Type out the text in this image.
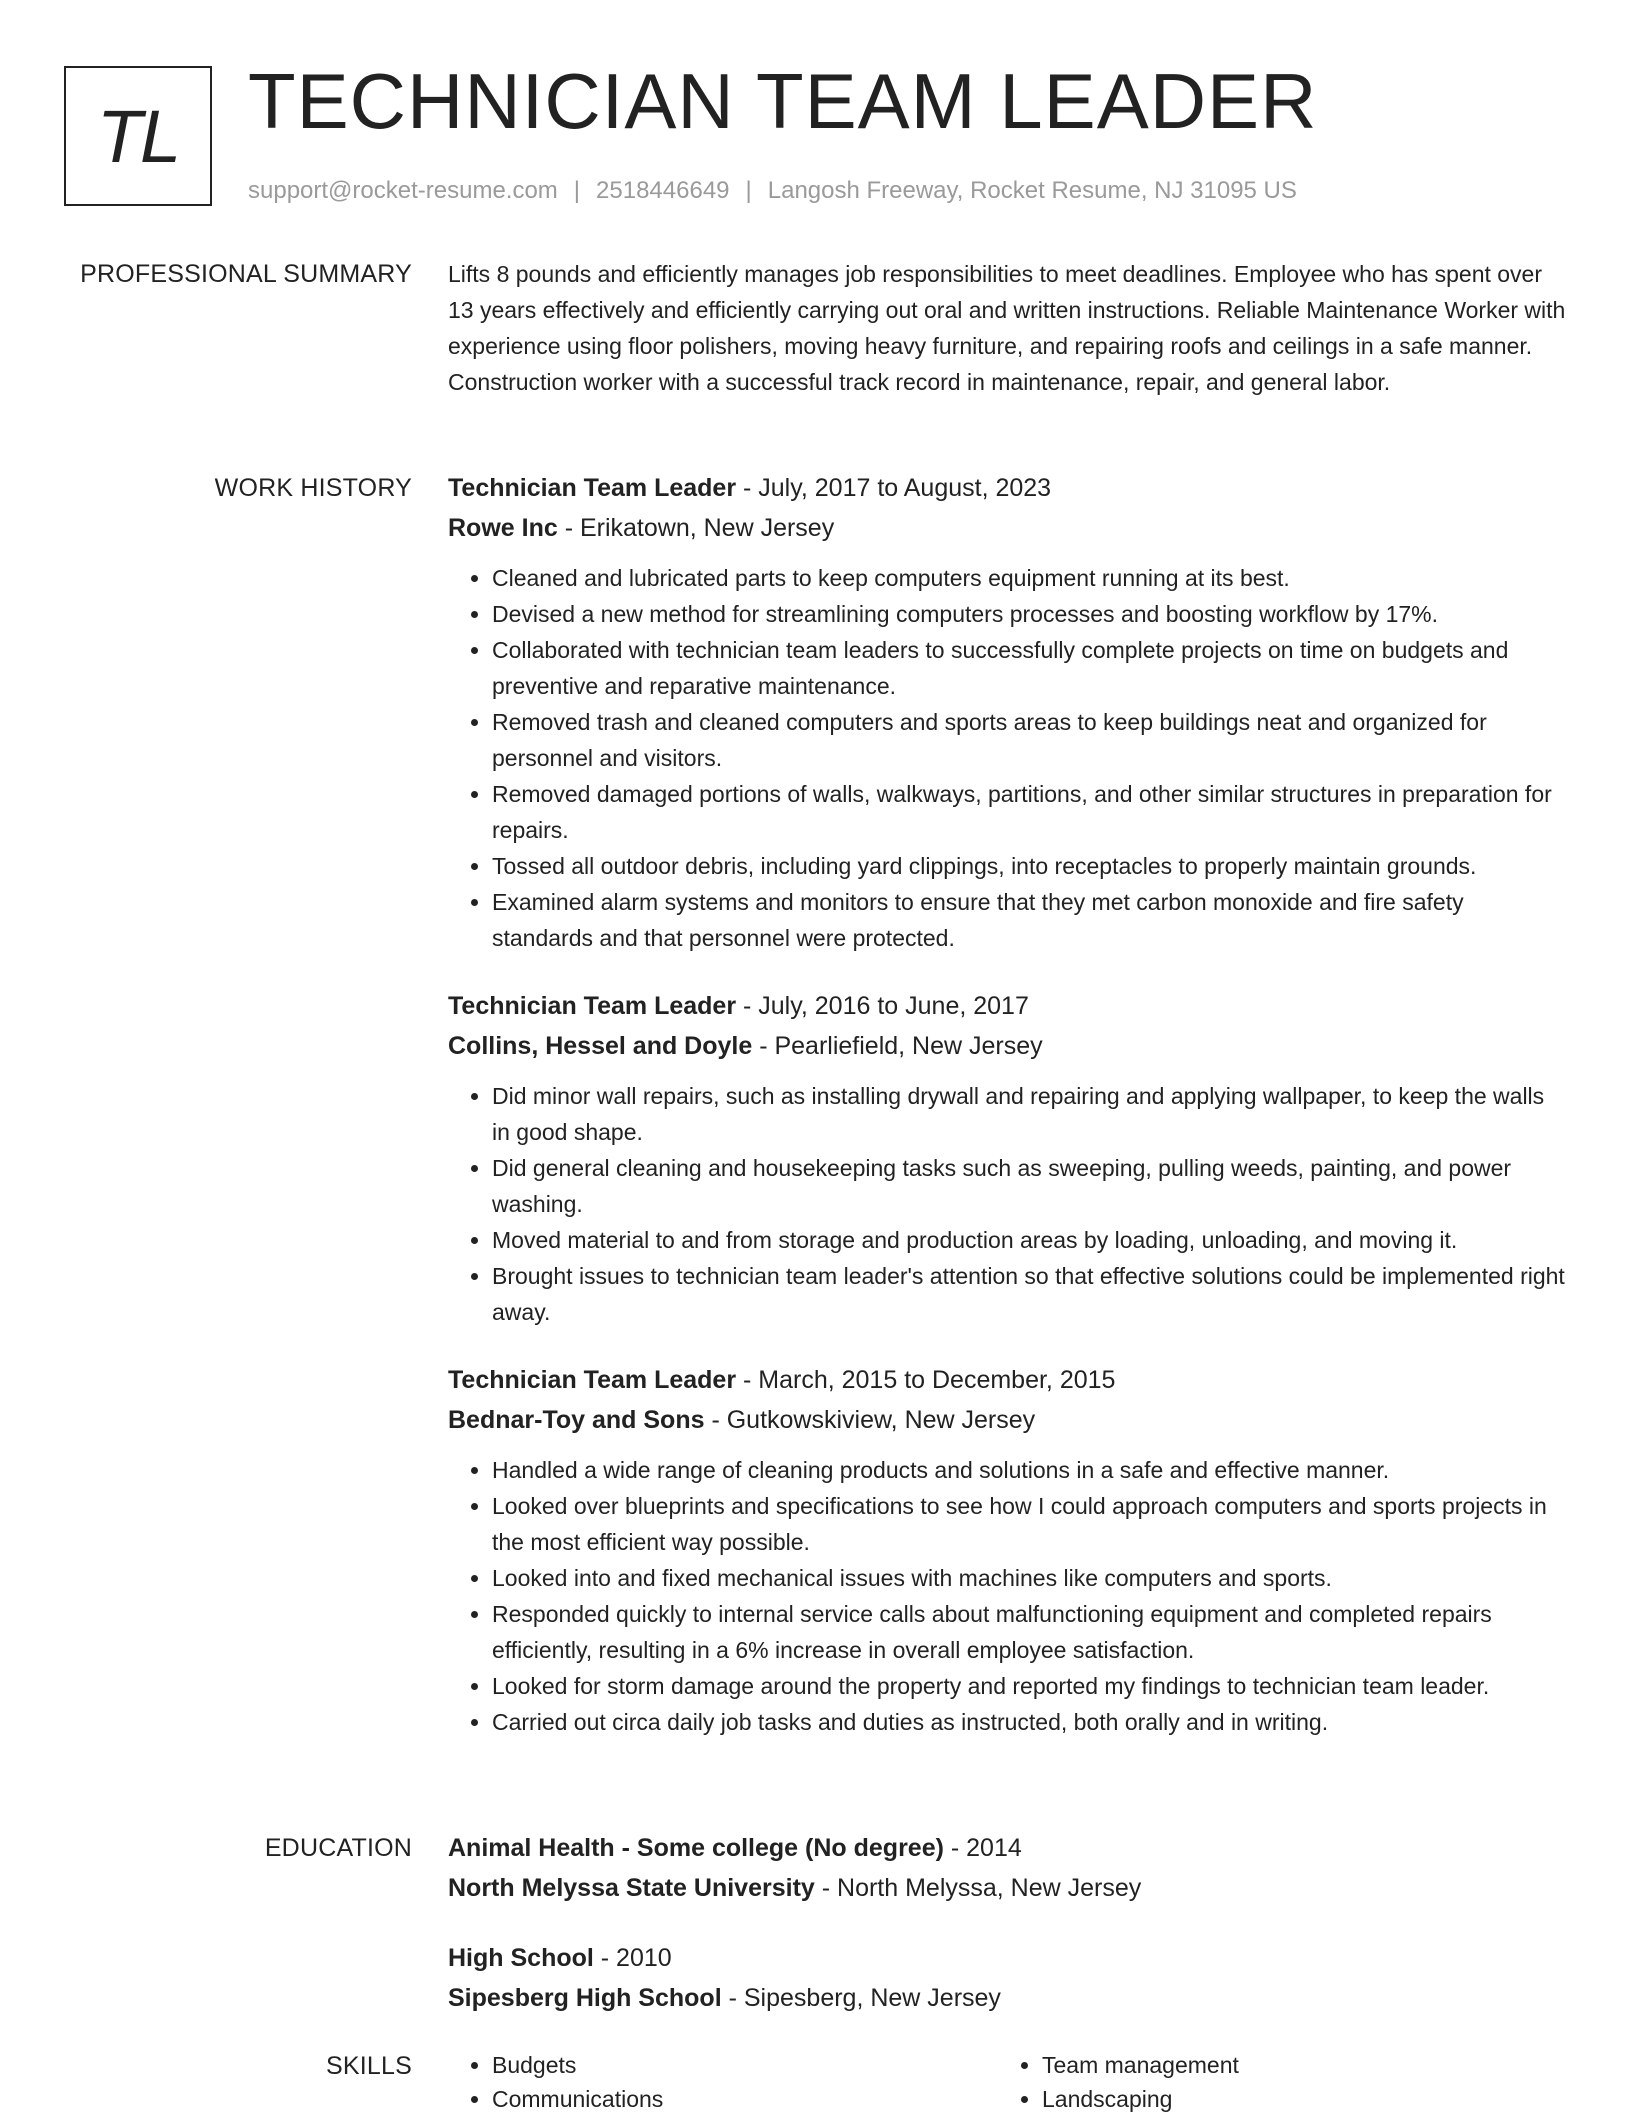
TL TECHNICIAN TEAM LEADER
support@rocket-resume.com | 2518446649 | Langosh Freeway, Rocket Resume, NJ 31095 US
PROFESSIONAL SUMMARY Lifts 8 pounds and efficiently manages job responsibilities to meet deadlines. Employee who has spent over 13 years effectively and efficiently carrying out oral and written instructions. Reliable Maintenance Worker with experience using floor polishers, moving heavy furniture, and repairing roofs and ceilings in a safe manner. Construction worker with a successful track record in maintenance, repair, and general labor.
WORK HISTORY Technician Team Leader - July, 2017 to August, 2023
Rowe Inc - Erikatown, New Jersey
• Cleaned and lubricated parts to keep computers equipment running at its best.
• Devised a new method for streamlining computers processes and boosting workflow by 17%.
• Collaborated with technician team leaders to successfully complete projects on time on budgets and preventive and reparative maintenance.
• Removed trash and cleaned computers and sports areas to keep buildings neat and organized for personnel and visitors.
• Removed damaged portions of walls, walkways, partitions, and other similar structures in preparation for repairs.
• Tossed all outdoor debris, including yard clippings, into receptacles to properly maintain grounds.
• Examined alarm systems and monitors to ensure that they met carbon monoxide and fire safety standards and that personnel were protected.
Technician Team Leader - July, 2016 to June, 2017
Collins, Hessel and Doyle - Pearliefield, New Jersey
• Did minor wall repairs, such as installing drywall and repairing and applying wallpaper, to keep the walls in good shape.
• Did general cleaning and housekeeping tasks such as sweeping, pulling weeds, painting, and power washing.
• Moved material to and from storage and production areas by loading, unloading, and moving it.
• Brought issues to technician team leader's attention so that effective solutions could be implemented right away.
Technician Team Leader - March, 2015 to December, 2015
Bednar-Toy and Sons - Gutkowskiview, New Jersey
• Handled a wide range of cleaning products and solutions in a safe and effective manner.
• Looked over blueprints and specifications to see how I could approach computers and sports projects in the most efficient way possible.
• Looked into and fixed mechanical issues with machines like computers and sports.
• Responded quickly to internal service calls about malfunctioning equipment and completed repairs efficiently, resulting in a 6% increase in overall employee satisfaction.
• Looked for storm damage around the property and reported my findings to technician team leader.
• Carried out circa daily job tasks and duties as instructed, both orally and in writing.
EDUCATION Animal Health - Some college (No degree) - 2014
North Melyssa State University - North Melyssa, New Jersey
High School - 2010
Sipesberg High School - Sipesberg, New Jersey
SKILLS
•	Budgets
• Communications
• Team management
• Landscaping
